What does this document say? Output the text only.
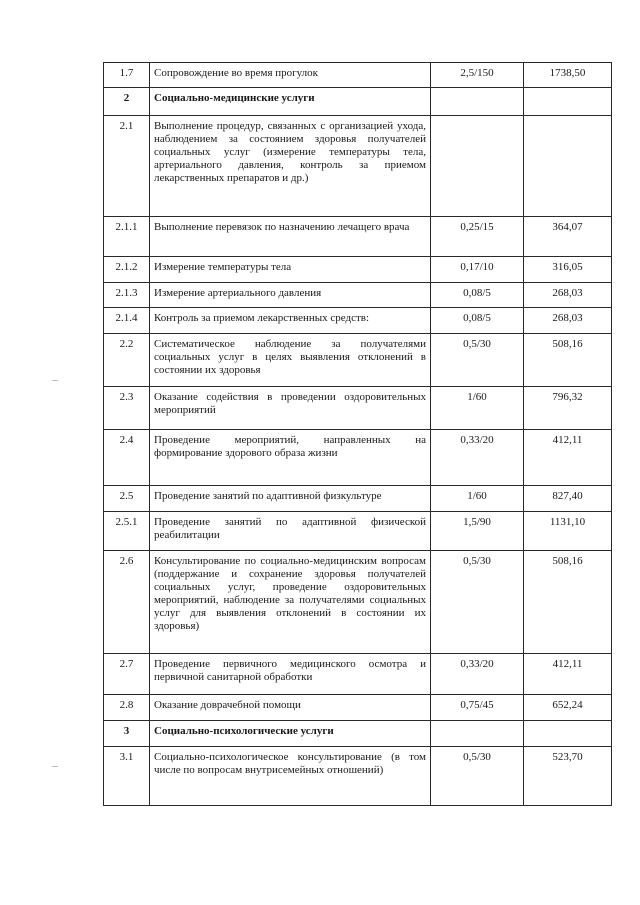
1.7	Сопровождение во время прогулок	2,5/150	1738,50
2	Социально-медицинские услуги		
2.1	Выполнение процедур, связанных с организацией ухода, наблюдением за состоянием здоровья получателей социальных услуг (измерение температуры тела, артериального давления, контроль за приемом лекарственных препаратов и др.)		
2.1.1	Выполнение перевязок по назначению лечащего врача	0,25/15	364,07
2.1.2	Измерение температуры тела	0,17/10	316,05
2.1.3	Измерение артериального давления	0,08/5	268,03
2.1.4	Контроль за приемом лекарственных средств:	0,08/5	268,03
2.2	Систематическое наблюдение за получателями социальных услуг в целях выявления отклонений в состоянии их здоровья	0,5/30	508,16
2.3	Оказание содействия в проведении оздоровительных мероприятий	1/60	796,32
2.4	Проведение мероприятий, направленных на формирование здорового образа жизни	0,33/20	412,11
2.5	Проведение занятий по адаптивной физкультуре	1/60	827,40
2.5.1	Проведение занятий по адаптивной физической реабилитации	1,5/90	1131,10
2.6	Консультирование по социально-медицинским вопросам (поддержание и сохранение здоровья получателей социальных услуг, проведение оздоровительных мероприятий, наблюдение за получателями социальных услуг для выявления отклонений в состоянии их здоровья)	0,5/30	508,16
2.7	Проведение первичного медицинского осмотра и первичной санитарной обработки	0,33/20	412,11
2.8	Оказание доврачебной помощи	0,75/45	652,24
3	Социально-психологические услуги		
3.1	Социально-психологическое консультирование (в том числе по вопросам внутрисемейных отношений)	0,5/30	523,70
